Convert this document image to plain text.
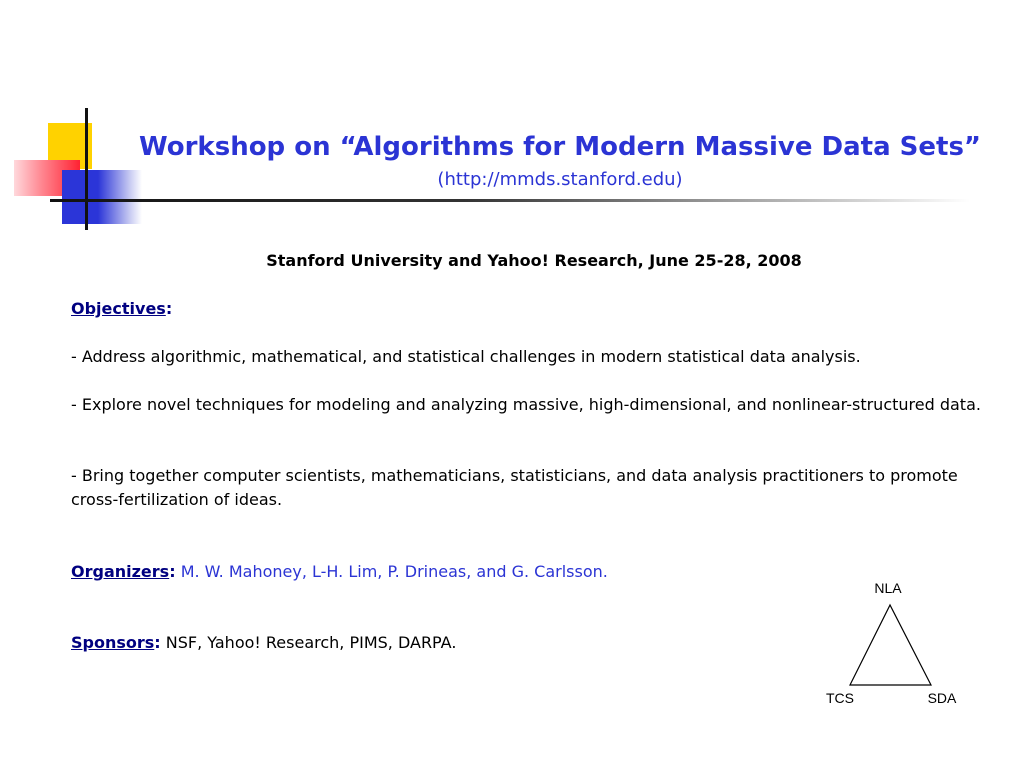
Workshop on “Algorithms for Modern Massive Data Sets”
(http://mmds.stanford.edu)
Stanford University and Yahoo! Research, June 25-28, 2008
Objectives:
- Address algorithmic, mathematical, and statistical challenges in modern statistical data analysis.
- Explore novel techniques for modeling and analyzing massive, high-dimensional, and nonlinear-structured data.
- Bring together computer scientists, mathematicians, statisticians, and data analysis practitioners to promote cross-fertilization of ideas.
Organizers: M. W. Mahoney, L-H. Lim, P. Drineas, and G. Carlsson.
Sponsors: NSF, Yahoo! Research, PIMS, DARPA.
NLA
TCS	SDA
